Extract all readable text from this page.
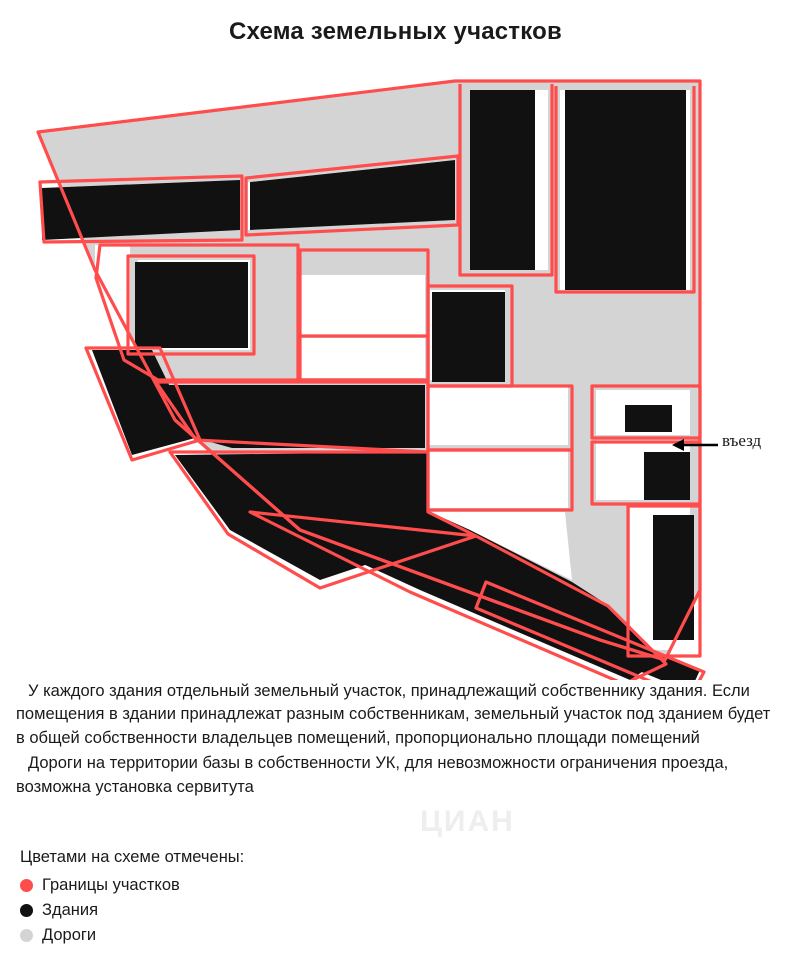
Схема земельных участков
въезд

У каждого здания отдельный земельный участок, принадлежащий собственнику здания. Если помещения в здании принадлежат разным собственникам, земельный участок под зданием будет в общей собственности владельцев помещений, пропорционально площади помещений

Дороги на территории базы в собственности УК, для невозможности ограничения проезда, возможна установка сервитута

ЦИАН
Цветами на схеме отмечены:
Границы участков
Здания
Дороги
